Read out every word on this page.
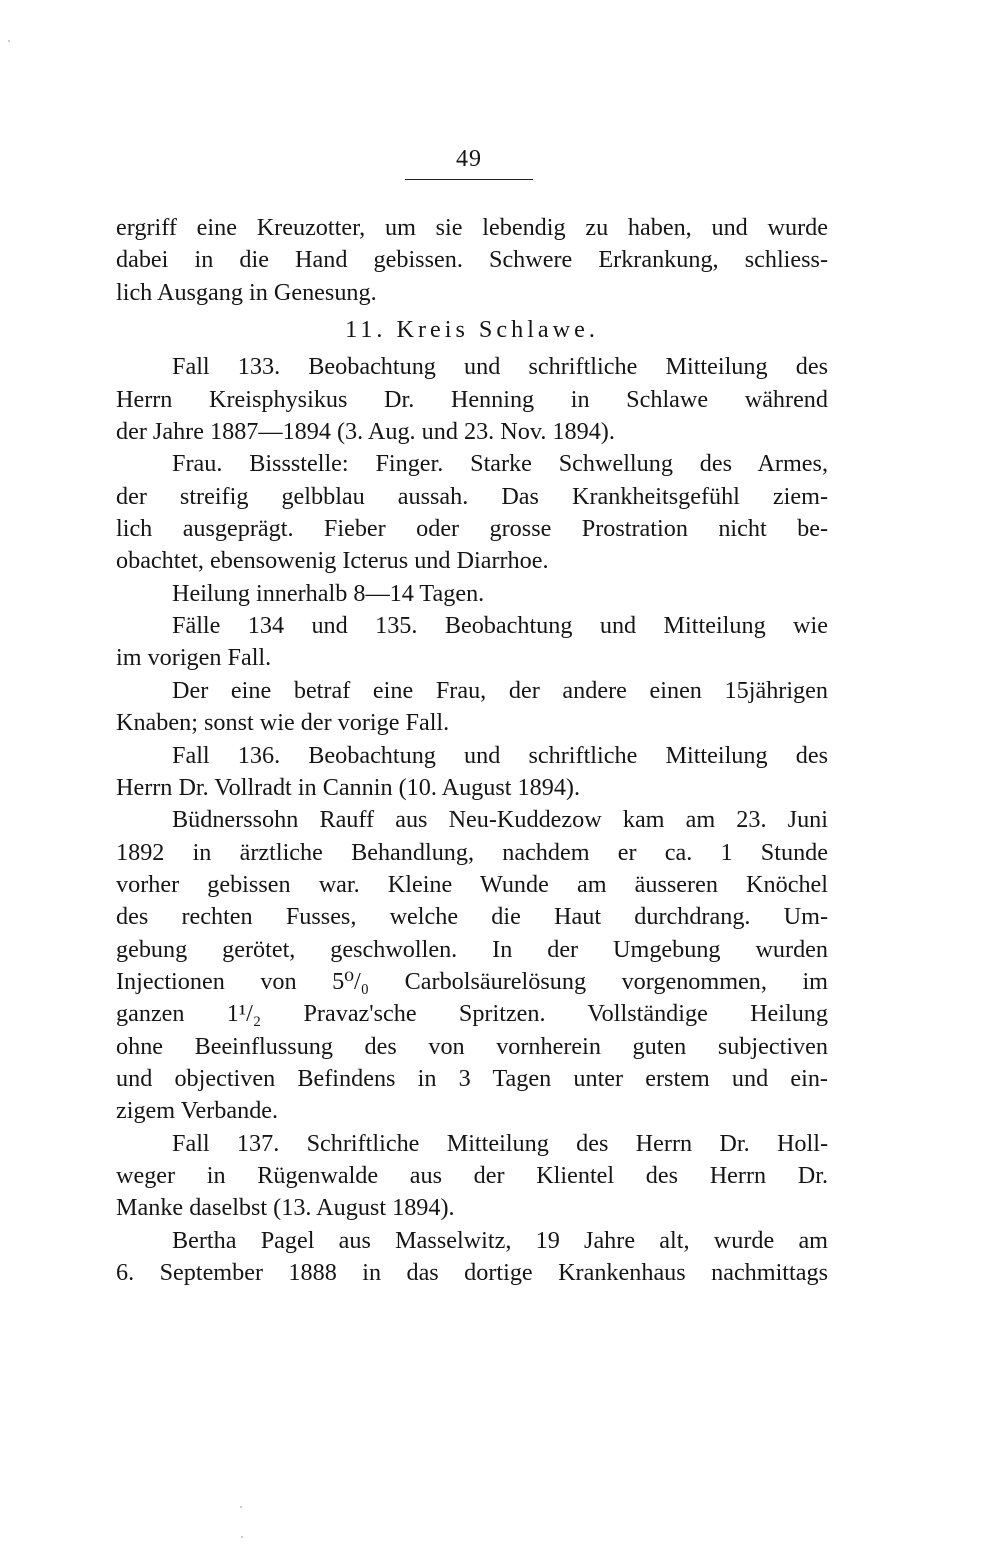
49
ergriff eine Kreuzotter, um sie lebendig zu haben, und wurde
dabei in die Hand gebissen. Schwere Erkrankung, schliess-
lich Ausgang in Genesung.
11. Kreis Schlawe.
Fall 133. Beobachtung und schriftliche Mitteilung des
Herrn Kreisphysikus Dr. Henning in Schlawe während
der Jahre 1887—1894 (3. Aug. und 23. Nov. 1894).
Frau. Bissstelle: Finger. Starke Schwellung des Armes,
der streifig gelbblau aussah. Das Krankheitsgefühl ziem-
lich ausgeprägt. Fieber oder grosse Prostration nicht be-
obachtet, ebensowenig Icterus und Diarrhoe.
Heilung innerhalb 8—14 Tagen.
Fälle 134 und 135. Beobachtung und Mitteilung wie
im vorigen Fall.
Der eine betraf eine Frau, der andere einen 15jährigen
Knaben; sonst wie der vorige Fall.
Fall 136. Beobachtung und schriftliche Mitteilung des
Herrn Dr. Vollradt in Cannin (10. August 1894).
Büdnerssohn Rauff aus Neu-Kuddezow kam am 23. Juni
1892 in ärztliche Behandlung, nachdem er ca. 1 Stunde
vorher gebissen war. Kleine Wunde am äusseren Knöchel
des rechten Fusses, welche die Haut durchdrang. Um-
gebung gerötet, geschwollen. In der Umgebung wurden
Injectionen von 5⁰/₀ Carbolsäurelösung vorgenommen, im
ganzen 1¹/₂ Pravaz'sche Spritzen. Vollständige Heilung
ohne Beeinflussung des von vornherein guten subjectiven
und objectiven Befindens in 3 Tagen unter erstem und ein-
zigem Verbande.
Fall 137. Schriftliche Mitteilung des Herrn Dr. Holl-
weger in Rügenwalde aus der Klientel des Herrn Dr.
Manke daselbst (13. August 1894).
Bertha Pagel aus Masselwitz, 19 Jahre alt, wurde am
6. September 1888 in das dortige Krankenhaus nachmittags
